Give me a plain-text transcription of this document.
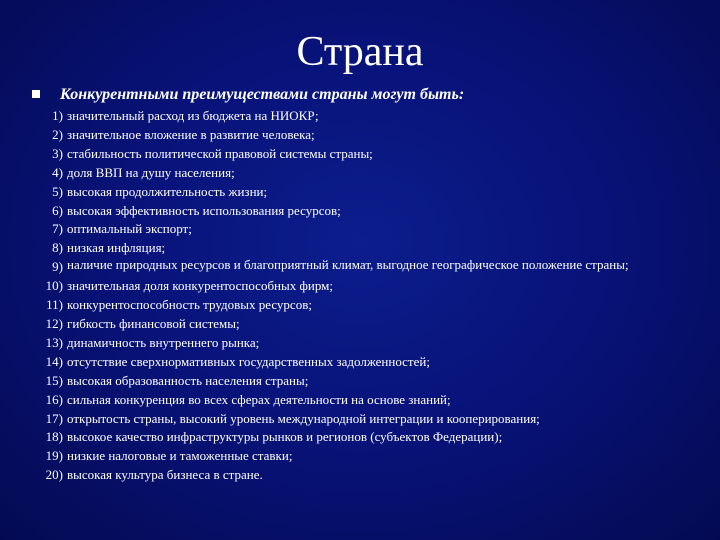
Страна
Конкурентными преимуществами страны могут быть:
1) значительный расход из бюджета на НИОКР;
2) значительное вложение в развитие человека;
3) стабильность политической правовой системы страны;
4) доля ВВП на душу населения;
5) высокая продолжительность жизни;
6) высокая эффективность использования ресурсов;
7) оптимальный экспорт;
8) низкая инфляция;
9) наличие природных ресурсов и благоприятный климат, выгодное географическое положение страны;
10) значительная доля конкурентоспособных фирм;
11) конкурентоспособность трудовых ресурсов;
12) гибкость финансовой системы;
13) динамичность внутреннего рынка;
14) отсутствие сверхнормативных государственных задолженностей;
15) высокая образованность населения страны;
16) сильная конкуренция во всех сферах деятельности на основе знаний;
17) открытость страны, высокий уровень международной интеграции и кооперирования;
18) высокое качество инфраструктуры рынков и регионов (субъектов Федерации);
19) низкие налоговые и таможенные ставки;
20) высокая культура бизнеса в стране.
